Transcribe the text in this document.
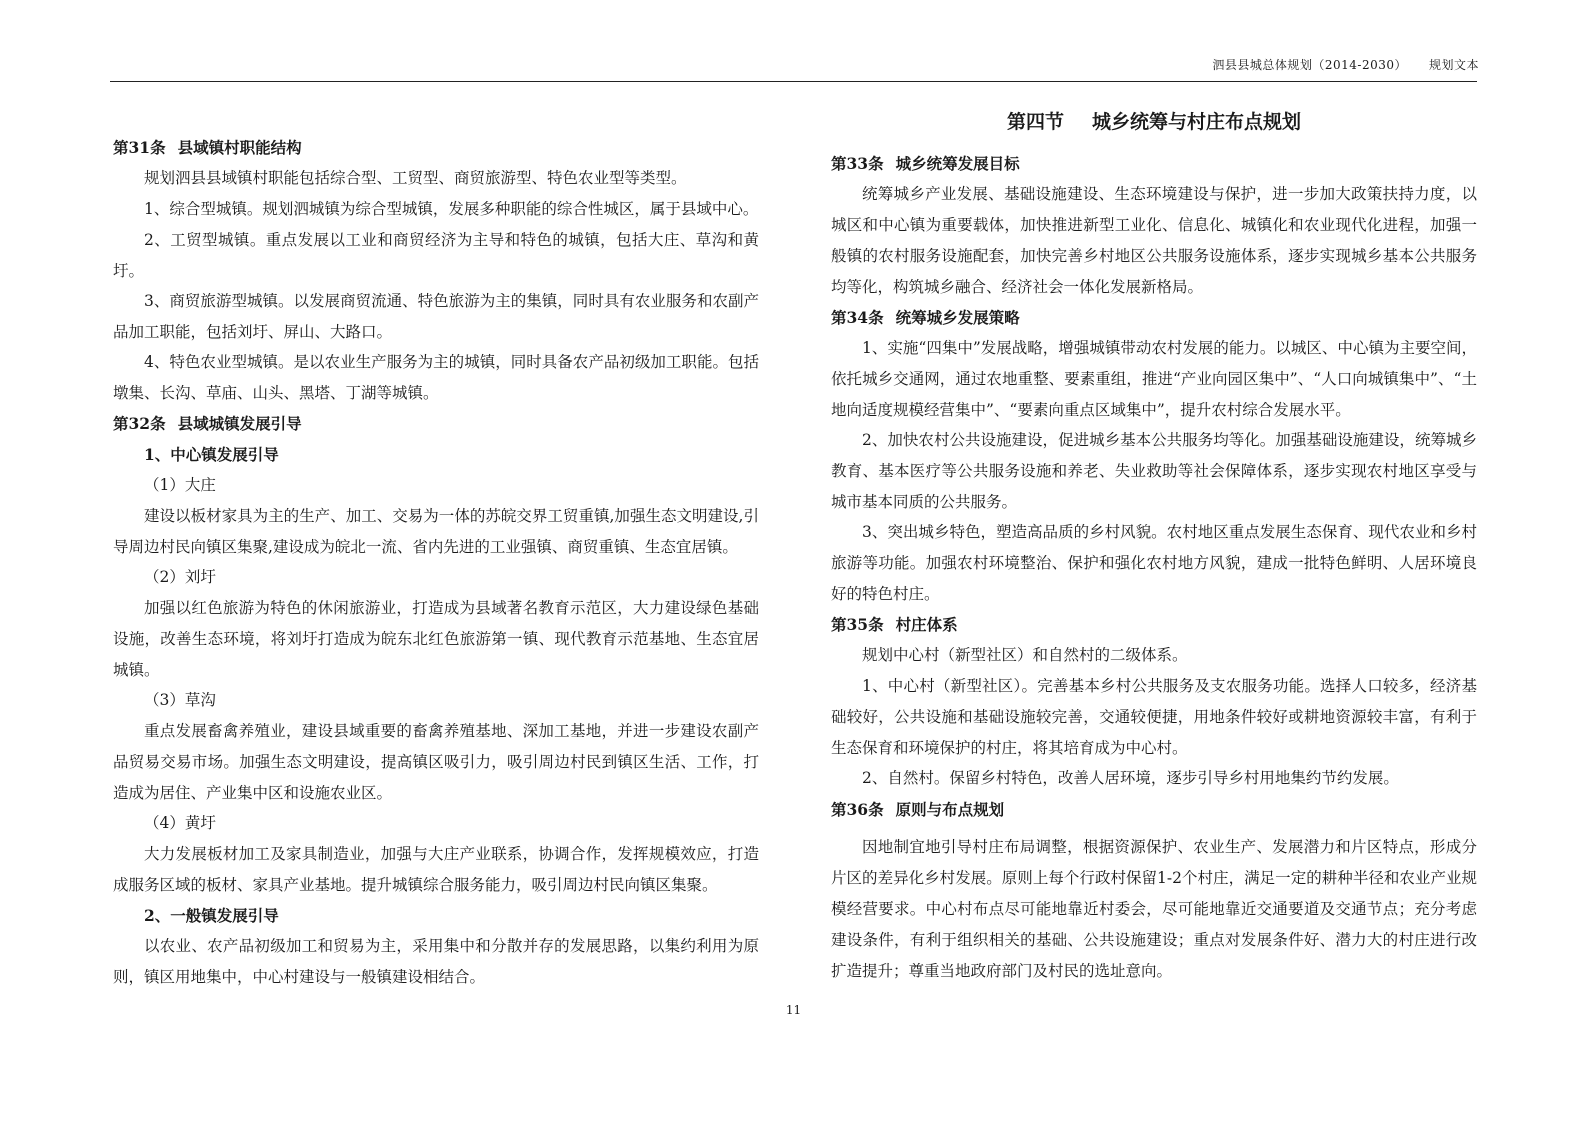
泗县县城总体规划（2014-2030） 规划文本
第31条 县域镇村职能结构
规划泗县县域镇村职能包括综合型、工贸型、商贸旅游型、特色农业型等类型。
1、综合型城镇。规划泗城镇为综合型城镇，发展多种职能的综合性城区，属于县域中心。
2、工贸型城镇。重点发展以工业和商贸经济为主导和特色的城镇，包括大庄、草沟和黄圩。
3、商贸旅游型城镇。以发展商贸流通、特色旅游为主的集镇，同时具有农业服务和农副产品加工职能，包括刘圩、屏山、大路口。
4、特色农业型城镇。是以农业生产服务为主的城镇，同时具备农产品初级加工职能。包括墩集、长沟、草庙、山头、黑塔、丁湖等城镇。
第32条 县域城镇发展引导
1、中心镇发展引导
（1）大庄
建设以板材家具为主的生产、加工、交易为一体的苏皖交界工贸重镇,加强生态文明建设,引导周边村民向镇区集聚,建设成为皖北一流、省内先进的工业强镇、商贸重镇、生态宜居镇。
（2）刘圩
加强以红色旅游为特色的休闲旅游业，打造成为县域著名教育示范区，大力建设绿色基础设施，改善生态环境，将刘圩打造成为皖东北红色旅游第一镇、现代教育示范基地、生态宜居城镇。
（3）草沟
重点发展畜禽养殖业，建设县域重要的畜禽养殖基地、深加工基地，并进一步建设农副产品贸易交易市场。加强生态文明建设，提高镇区吸引力，吸引周边村民到镇区生活、工作，打造成为居住、产业集中区和设施农业区。
（4）黄圩
大力发展板材加工及家具制造业，加强与大庄产业联系，协调合作，发挥规模效应，打造成服务区域的板材、家具产业基地。提升城镇综合服务能力，吸引周边村民向镇区集聚。
2、一般镇发展引导
以农业、农产品初级加工和贸易为主，采用集中和分散并存的发展思路，以集约利用为原则，镇区用地集中，中心村建设与一般镇建设相结合。
第四节 城乡统筹与村庄布点规划
第33条 城乡统筹发展目标
统筹城乡产业发展、基础设施建设、生态环境建设与保护，进一步加大政策扶持力度，以城区和中心镇为重要载体，加快推进新型工业化、信息化、城镇化和农业现代化进程，加强一般镇的农村服务设施配套，加快完善乡村地区公共服务设施体系，逐步实现城乡基本公共服务均等化，构筑城乡融合、经济社会一体化发展新格局。
第34条 统筹城乡发展策略
1、实施“四集中”发展战略，增强城镇带动农村发展的能力。以城区、中心镇为主要空间，依托城乡交通网，通过农地重整、要素重组，推进“产业向园区集中”、“人口向城镇集中”、“土地向适度规模经营集中”、“要素向重点区域集中”，提升农村综合发展水平。
2、加快农村公共设施建设，促进城乡基本公共服务均等化。加强基础设施建设，统筹城乡教育、基本医疗等公共服务设施和养老、失业救助等社会保障体系，逐步实现农村地区享受与城市基本同质的公共服务。
3、突出城乡特色，塑造高品质的乡村风貌。农村地区重点发展生态保育、现代农业和乡村旅游等功能。加强农村环境整治、保护和强化农村地方风貌，建成一批特色鲜明、人居环境良好的特色村庄。
第35条 村庄体系
规划中心村（新型社区）和自然村的二级体系。
1、中心村（新型社区）。完善基本乡村公共服务及支农服务功能。选择人口较多，经济基础较好，公共设施和基础设施较完善，交通较便捷，用地条件较好或耕地资源较丰富，有利于生态保育和环境保护的村庄，将其培育成为中心村。
2、自然村。保留乡村特色，改善人居环境，逐步引导乡村用地集约节约发展。
第36条 原则与布点规划
因地制宜地引导村庄布局调整，根据资源保护、农业生产、发展潜力和片区特点，形成分片区的差异化乡村发展。原则上每个行政村保留1-2个村庄，满足一定的耕种半径和农业产业规模经营要求。中心村布点尽可能地靠近村委会，尽可能地靠近交通要道及交通节点；充分考虑建设条件，有利于组织相关的基础、公共设施建设；重点对发展条件好、潜力大的村庄进行改扩造提升；尊重当地政府部门及村民的选址意向。
11
